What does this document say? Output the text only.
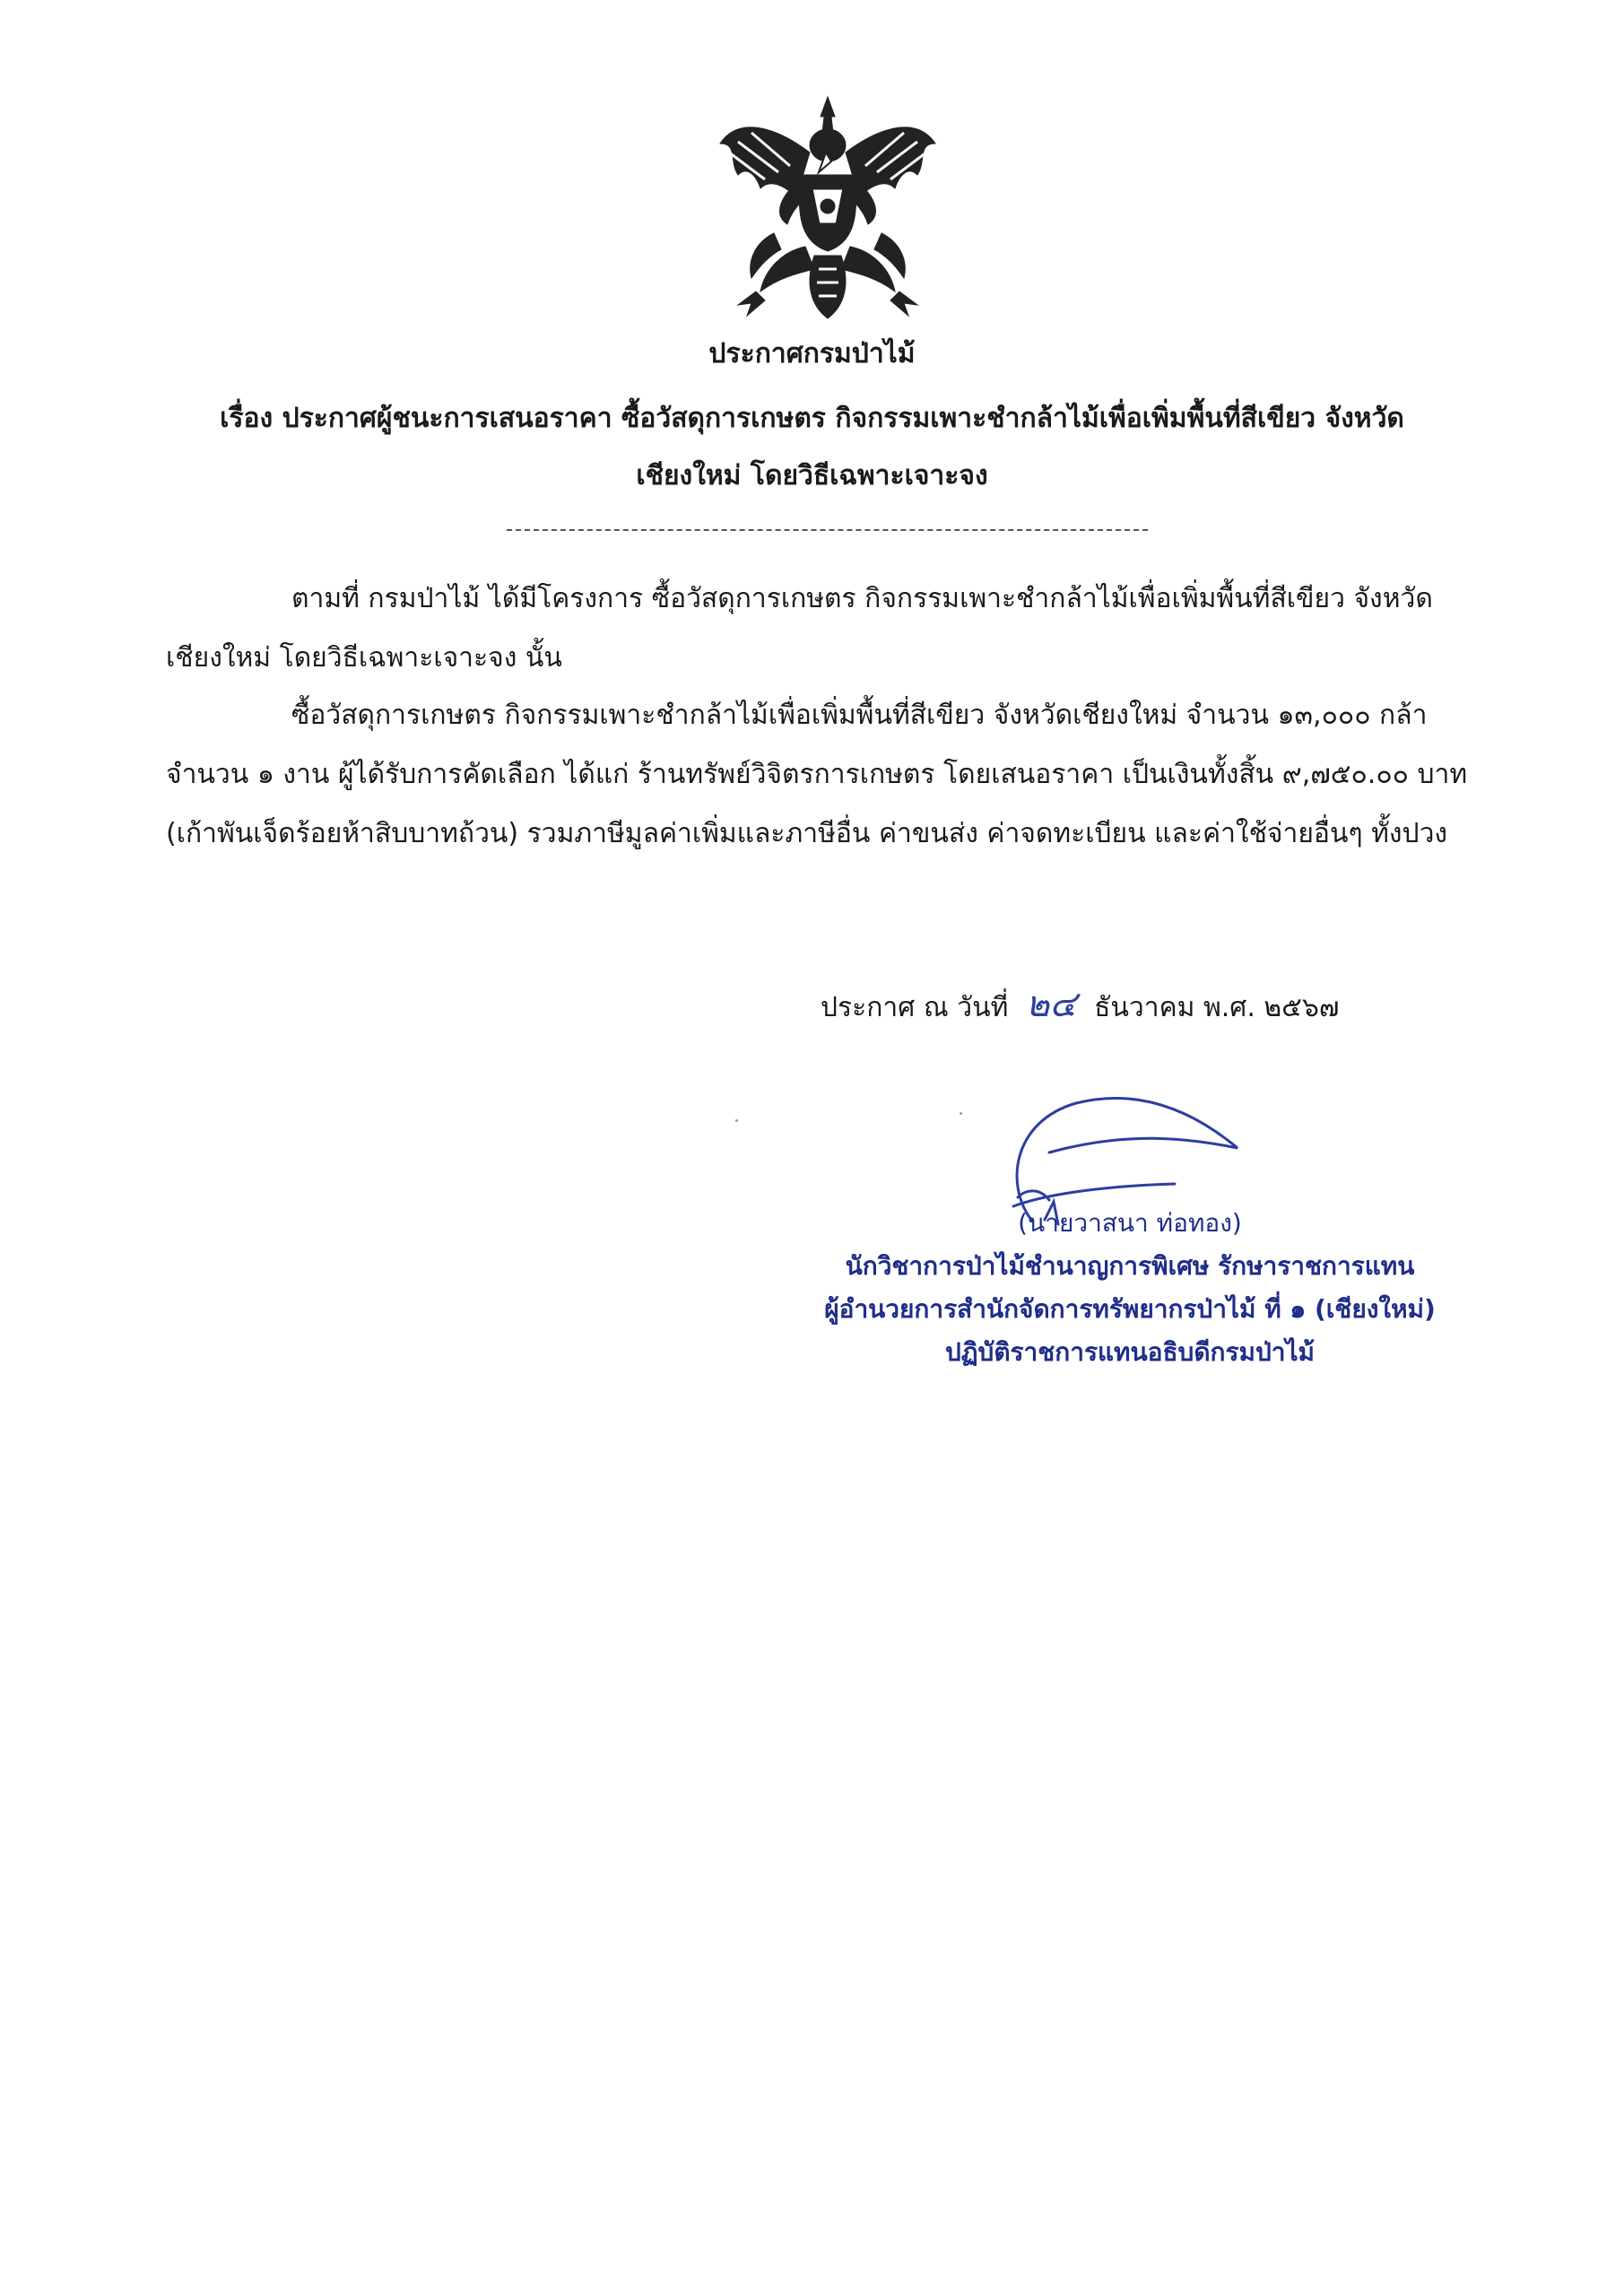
ประกาศกรมป่าไม้
เรื่อง ประกาศผู้ชนะการเสนอราคา ซื้อวัสดุการเกษตร กิจกรรมเพาะชำกล้าไม้เพื่อเพิ่มพื้นที่สีเขียว จังหวัดเชียงใหม่ โดยวิธีเฉพาะเจาะจง
ตามที่ กรมป่าไม้ ได้มีโครงการ ซื้อวัสดุการเกษตร กิจกรรมเพาะชำกล้าไม้เพื่อเพิ่มพื้นที่สีเขียว จังหวัดเชียงใหม่ โดยวิธีเฉพาะเจาะจง นั้น
ซื้อวัสดุการเกษตร กิจกรรมเพาะชำกล้าไม้เพื่อเพิ่มพื้นที่สีเขียว จังหวัดเชียงใหม่ จำนวน ๑๓,๐๐๐ กล้า จำนวน ๑ งาน ผู้ได้รับการคัดเลือก ได้แก่ ร้านทรัพย์วิจิตรการเกษตร โดยเสนอราคา เป็นเงินทั้งสิ้น ๙,๗๕๐.๐๐ บาท (เก้าพันเจ็ดร้อยห้าสิบบาทถ้วน) รวมภาษีมูลค่าเพิ่มและภาษีอื่น ค่าขนส่ง ค่าจดทะเบียน และค่าใช้จ่ายอื่นๆ ทั้งปวง
ประกาศ ณ วันที่ ๒๔ ธันวาคม พ.ศ. ๒๕๖๗
(นายวาสนา ท่อทอง)
นักวิชาการป่าไม้ชำนาญการพิเศษ รักษาราชการแทน
ผู้อำนวยการสำนักจัดการทรัพยากรป่าไม้ ที่ ๑ (เชียงใหม่)
ปฏิบัติราชการแทนอธิบดีกรมป่าไม้
